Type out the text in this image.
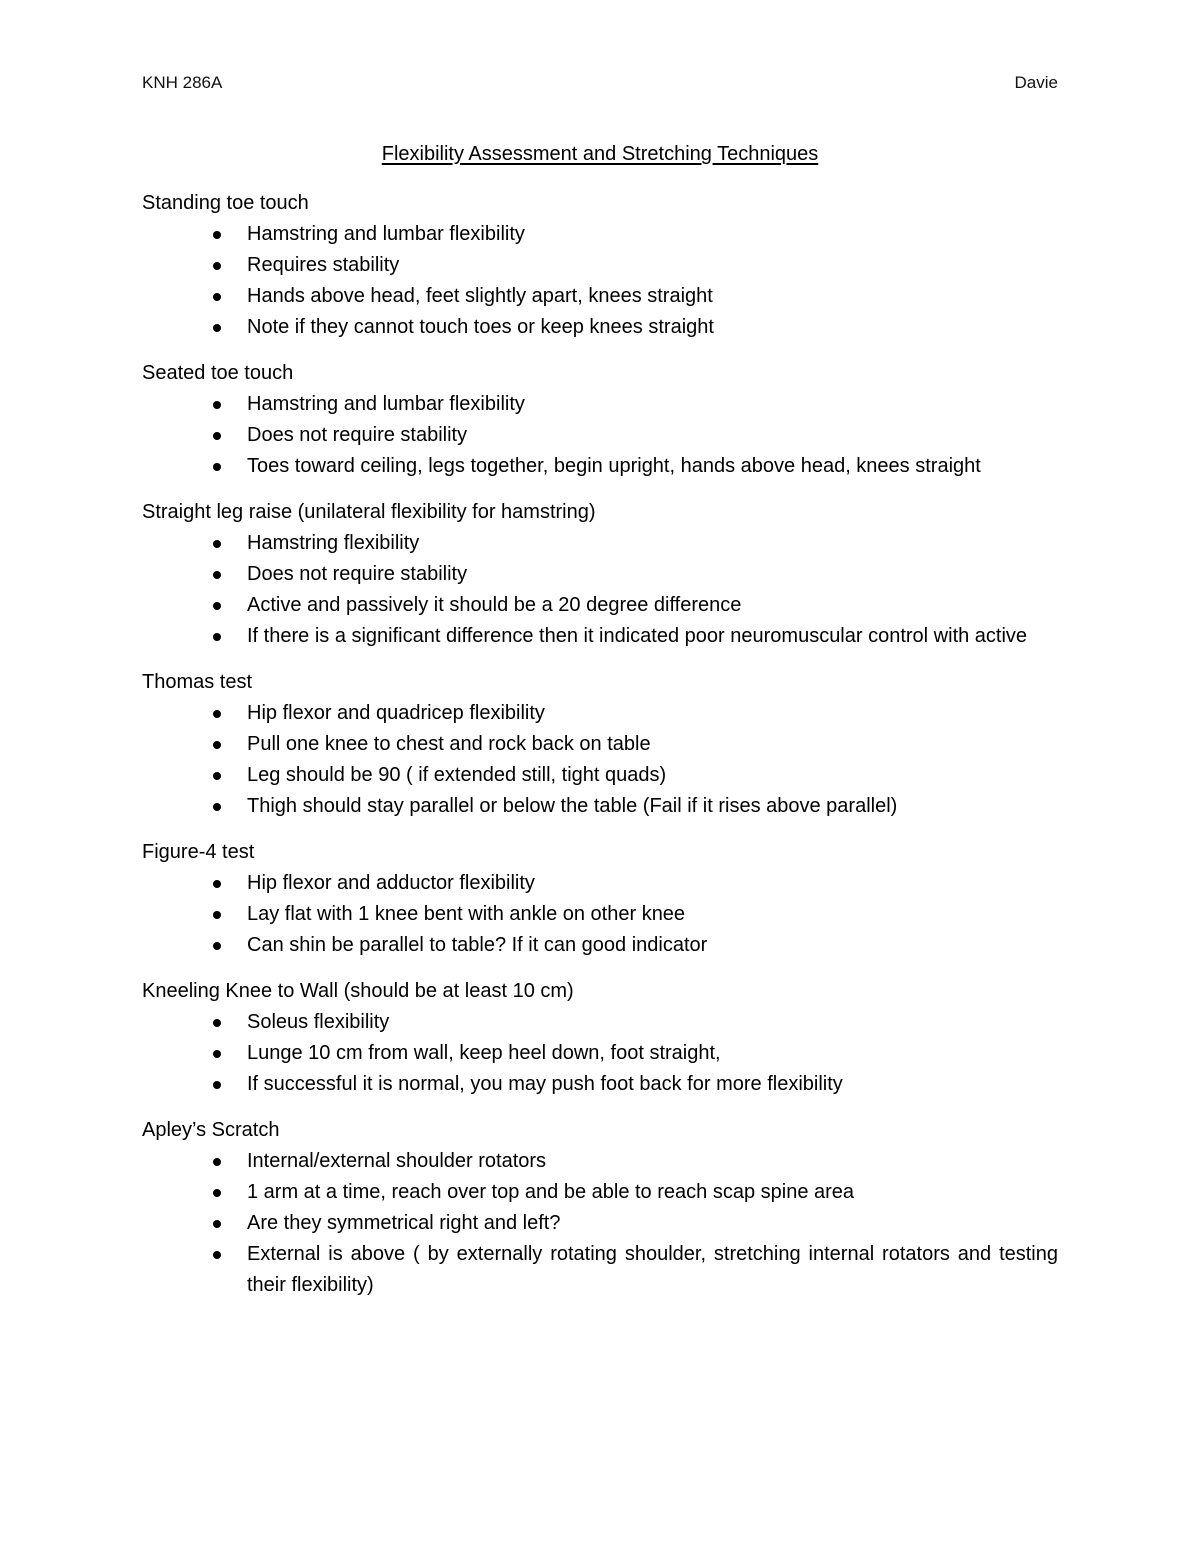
KNH 286A	Davie
Flexibility Assessment and Stretching Techniques
Standing toe touch
Hamstring and lumbar flexibility
Requires stability
Hands above head, feet slightly apart, knees straight
Note if they cannot touch toes or keep knees straight
Seated toe touch
Hamstring and lumbar flexibility
Does not require stability
Toes toward ceiling, legs together, begin upright, hands above head, knees straight
Straight leg raise (unilateral flexibility for hamstring)
Hamstring flexibility
Does not require stability
Active and passively it should be a 20 degree difference
If there is a significant difference then it indicated poor neuromuscular control with active
Thomas test
Hip flexor and quadricep flexibility
Pull one knee to chest and rock back on table
Leg should be 90 ( if extended still, tight quads)
Thigh should stay parallel or below the table (Fail if it rises above parallel)
Figure-4 test
Hip flexor and adductor flexibility
Lay flat with 1 knee bent with ankle on other knee
Can shin be parallel to table? If it can good indicator
Kneeling Knee to Wall (should be at least 10 cm)
Soleus flexibility
Lunge 10 cm from wall, keep heel down, foot straight,
If successful it is normal, you may push foot back for more flexibility
Apley’s Scratch
Internal/external shoulder rotators
1 arm at a time, reach over top and be able to reach scap spine area
Are they symmetrical right and left?
External is above ( by externally rotating shoulder, stretching internal rotators and testing their flexibility)
